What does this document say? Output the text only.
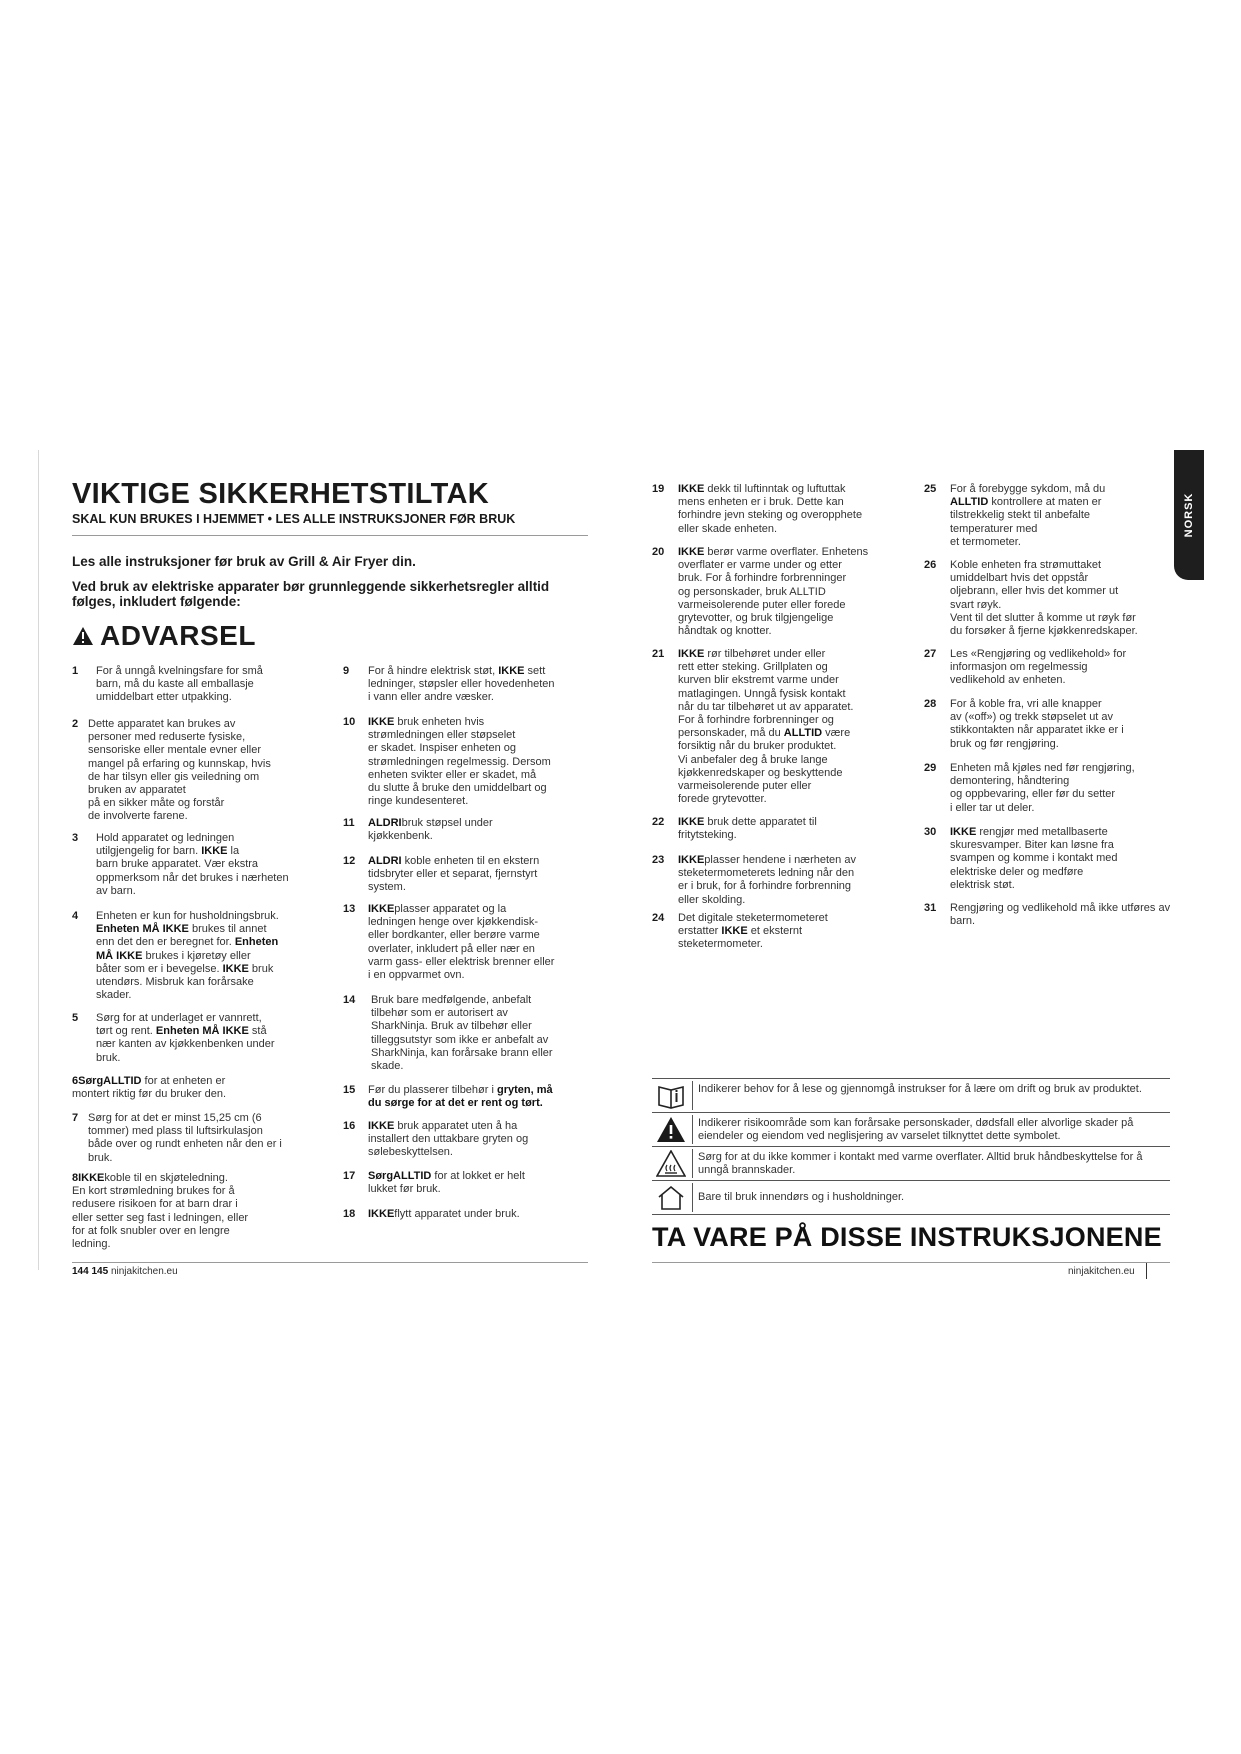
VIKTIGE SIKKERHETSTILTAK
SKAL KUN BRUKES I HJEMMET • LES ALLE INSTRUKSJONER FØR BRUK
Les alle instruksjoner før bruk av Grill & Air Fryer din.
Ved bruk av elektriske apparater bør grunnleggende sikkerhetsregler alltid følges, inkludert følgende:
ADVARSEL
1	For å unngå kvelningsfare for små
barn, må du kaste all emballasje
umiddelbart etter utpakking.
2 Dette apparatet kan brukes av
personer med reduserte fysiske,
sensoriske eller mentale evner eller
mangel på erfaring og kunnskap, hvis
de har tilsyn eller gis veiledning om
bruken av apparatet
på en sikker måte og forstår
de involverte farene.
3	Hold apparatet og ledningen
utilgjengelig for barn. IKKE la
barn bruke apparatet. Vær ekstra
oppmerksom når det brukes i nærheten
av barn.
4	Enheten er kun for husholdningsbruk.
Enheten MÅ IKKE brukes til annet
enn det den er beregnet for. Enheten
MÅ IKKE brukes i kjøretøy eller
båter som er i bevegelse. IKKE bruk
utendørs. Misbruk kan forårsake
skader.
5	Sørg for at underlaget er vannrett,
tørt og rent. Enheten MÅ IKKE stå
nær kanten av kjøkkenbenken under
bruk.
6SørgALLTID for at enheten er
montert riktig før du bruker den.
7 Sørg for at det er minst 15,25 cm (6
tommer) med plass til luftsirkulasjon
både over og rundt enheten når den er i
bruk.
8IKKEkoble til en skjøteledning.
En kort strømledning brukes for å
redusere risikoen for at barn drar i
eller setter seg fast i ledningen, eller
for at folk snubler over en lengre
ledning.
9	For å hindre elektrisk støt, IKKE sett
ledninger, støpsler eller hovedenheten
i vann eller andre væsker.
10	IKKE bruk enheten hvis
strømledningen eller støpselet
er skadet. Inspiser enheten og
strømledningen regelmessig. Dersom
enheten svikter eller er skadet, må
du slutte å bruke den umiddelbart og
ringe kundesenteret.
11	ALDRIbruk støpsel under
kjøkkenbenk.
12	ALDRI koble enheten til en ekstern
tidsbryter eller et separat, fjernstyrt
system.
13	IKKEplasser apparatet og la
ledningen henge over kjøkkendisk-
eller bordkanter, eller berøre varme
overlater, inkludert på eller nær en
varm gass- eller elektrisk brenner eller
i en oppvarmet ovn.
14	Bruk bare medfølgende, anbefalt
tilbehør som er autorisert av
SharkNinja. Bruk av tilbehør eller
tilleggsutstyr som ikke er anbefalt av
SharkNinja, kan forårsake brann eller
skade.
15	Før du plasserer tilbehør i gryten, må
du sørge for at det er rent og tørt.
16	IKKE bruk apparatet uten å ha
installert den uttakbare gryten og
sølebeskyttelsen.
17	SørgALLTID for at lokket er helt
lukket før bruk.
18	IKKEflytt apparatet under bruk.
19	IKKE dekk til luftinntak og luftuttak
mens enheten er i bruk. Dette kan
forhindre jevn steking og overopphete
eller skade enheten.
20	IKKE berør varme overflater. Enhetens
overflater er varme under og etter
bruk. For å forhindre forbrenninger
og personskader, bruk ALLTID
varmeisolerende puter eller forede
grytevotter, og bruk tilgjengelige
håndtak og knotter.
21	IKKE rør tilbehøret under eller
rett etter steking. Grillplaten og
kurven blir ekstremt varme under
matlagingen. Unngå fysisk kontakt
når du tar tilbehøret ut av apparatet.
For å forhindre forbrenninger og
personskader, må du ALLTID være
forsiktig når du bruker produktet.
Vi anbefaler deg å bruke lange
kjøkkenredskaper og beskyttende
varmeisolerende puter eller
forede grytevotter.
22	IKKE bruk dette apparatet til
fritytsteking.
23	IKKEplasser hendene i nærheten av
steketermometerets ledning når den
er i bruk, for å forhindre forbrenning
eller skolding.
24	Det digitale steketermometeret
erstatter IKKE et eksternt
steketermometer.
25	For å forebygge sykdom, må du
ALLTID kontrollere at maten er
tilstrekkelig stekt til anbefalte
temperaturer med
et termometer.
26	Koble enheten fra strømuttaket
umiddelbart hvis det oppstår
oljebrann, eller hvis det kommer ut
svart røyk.
Vent til det slutter å komme ut røyk før
du forsøker å fjerne kjøkkenredskaper.
27	Les «Rengjøring og vedlikehold» for
informasjon om regelmessig
vedlikehold av enheten.
28	For å koble fra, vri alle knapper
av («off») og trekk støpselet ut av
stikkontakten når apparatet ikke er i
bruk og før rengjøring.
29	Enheten må kjøles ned før rengjøring,
demontering, håndtering
og oppbevaring, eller før du setter
i eller tar ut deler.
30	IKKE rengjør med metallbaserte
skuresvamper. Biter kan løsne fra
svampen og komme i kontakt med
elektriske deler og medføre
elektrisk støt.
31	Rengjøring og vedlikehold må ikke utføres av barn.
NORSK
Indikerer behov for å lese og gjennomgå instrukser for å lære om drift og bruk av produktet.
Indikerer risikoområde som kan forårsake personskader, dødsfall eller alvorlige skader på eiendeler og eiendom ved neglisjering av varselet tilknyttet dette symbolet.
Sørg for at du ikke kommer i kontakt med varme overflater. Alltid bruk håndbeskyttelse for å unngå brannskader.
Bare til bruk innendørs og i husholdninger.
TA VARE PÅ DISSE INSTRUKSJONENE
144 145 ninjakitchen.eu	ninjakitchen.eu
